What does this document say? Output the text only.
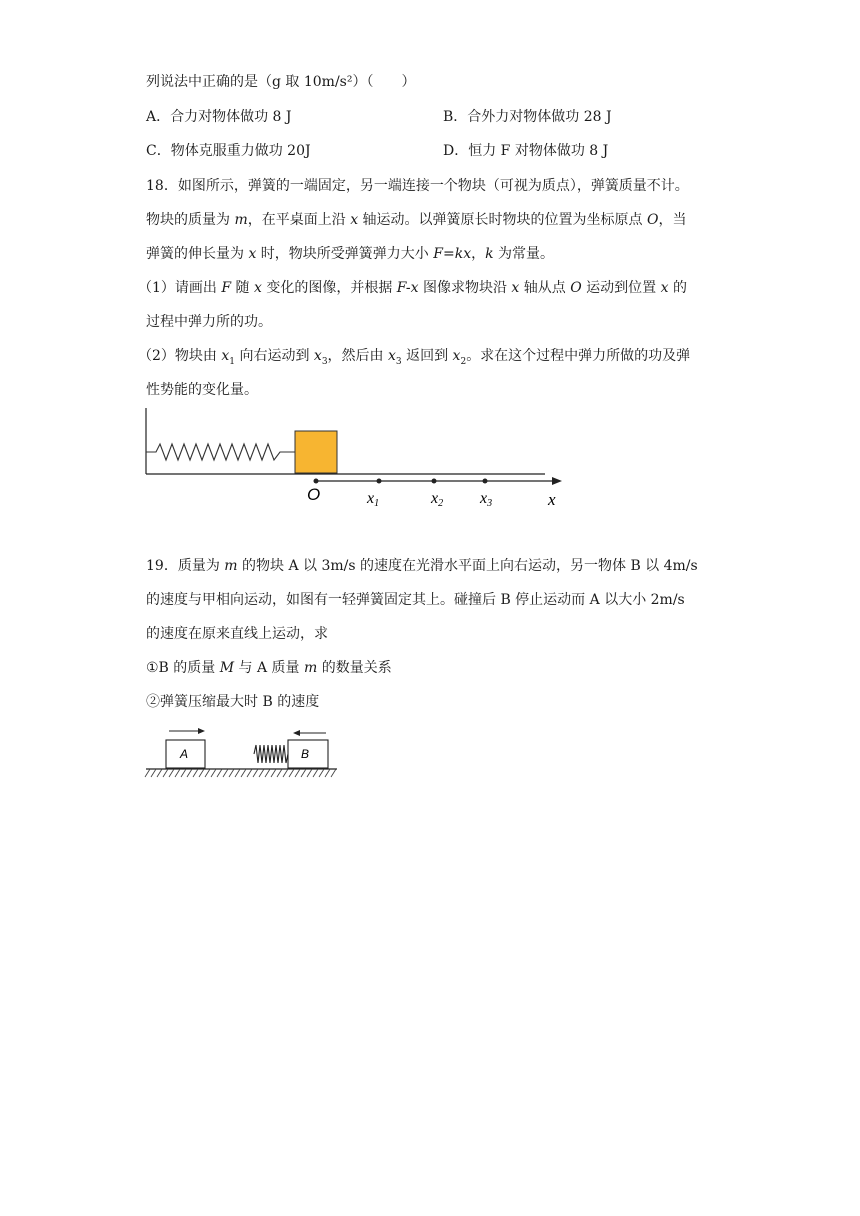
列说法中正确的是（g 取 10m/s²）（　　）
A．合力对物体做功 8 J	B．合外力对物体做功 28 J
C．物体克服重力做功 20J	D．恒力 F 对物体做功 8 J
18．如图所示，弹簧的一端固定，另一端连接一个物块（可视为质点），弹簧质量不计。
物块的质量为 m，在平桌面上沿 x 轴运动。以弹簧原长时物块的位置为坐标原点 O，当
弹簧的伸长量为 x 时，物块所受弹簧弹力大小 F=kx，k 为常量。
（1）请画出 F 随 x 变化的图像，并根据 F-x 图像求物块沿 x 轴从点 O 运动到位置 x 的
过程中弹力所的功。
（2）物块由 $x_1$ 向右运动到 $x_3$，然后由 $x_3$ 返回到 $x_2$。求在这个过程中弹力所做的功及弹
性势能的变化量。
O	x1	x2 x3	x
19．质量为 m 的物块 A 以 3m/s 的速度在光滑水平面上向右运动，另一物体 B 以 4m/s
的速度与甲相向运动，如图有一轻弹簧固定其上。碰撞后 B 停止运动而 A 以大小 2m/s
的速度在原来直线上运动，求
①B 的质量 M 与 A 质量 m 的数量关系
②弹簧压缩最大时 B 的速度
A	B
